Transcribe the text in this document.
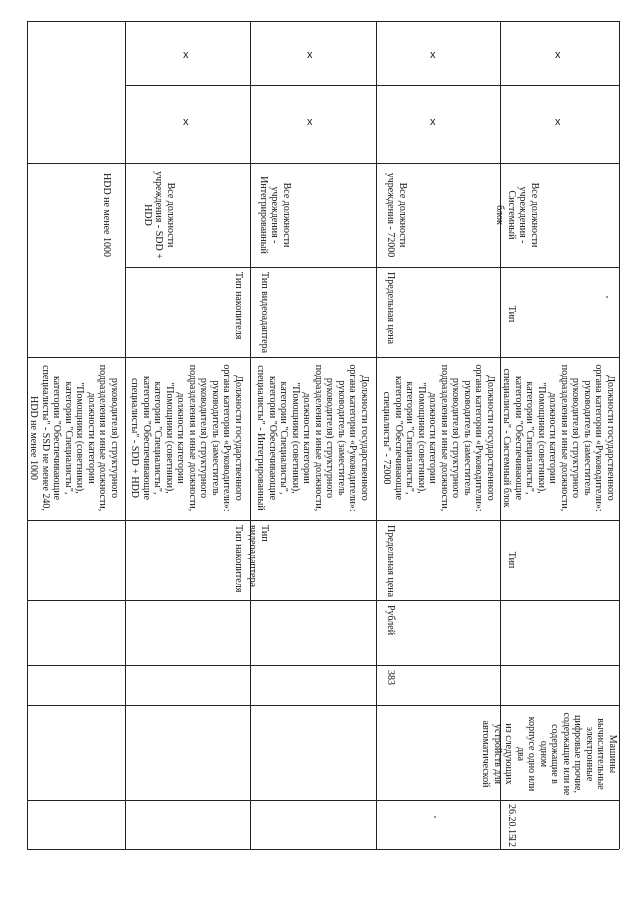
руководителя) структурного
подразделения и иные должности,
должности категории
"Помощники (советники),
категории "Специалисты",
категории "Обеспечивающие
специалисты" - SSD не менее 240,
HDD не менее 1000
HDD не менее 1000
Тип накопителя
Должности государственного
органа категории «Руководители»:
руководитель (заместитель
руководителя) структурного
подразделения и иные должности,
должности категории
"Помощники (советники),
категории "Специалисты",
категории "Обеспечивающие
специалисты" - SDD + HDD
Тип накопителя
Все должности
учреждения - SDD +
HDD
х
х
Тип видеоадаптера
Должности государственного
органа категории «Руководители»:
руководитель (заместитель
руководителя) структурного
подразделения и иные должности,
должности категории
"Помощники (советники),
категории "Специалисты",
категории "Обеспечивающие
специалисты" - Интегрированный
Тип видеоадаптера
Все должности
учреждения -
Интегрированный
х
х
383
Рублей
Предельная цена
Должности государственного
органа категории «Руководители»:
руководитель (заместитель
руководителя) структурного
подразделения и иные должности,
должности категории
"Помощники (советники),
категории "Специалисты",
категории "Обеспечивающие
специалисты" - 72000
Предельная цена
Все должности
учреждения - 72000
х
х
12
26.20.15
Машины
вычислительные
электронные
цифровые прочие,
содержащие или не
содержащие в одном
корпусе одно или два
из следующих
устройств для
автоматической
Тип
Должности государственного
органа категории «Руководители»:
руководитель (заместитель
руководителя) структурного
подразделения и иные должности,
должности категории
"Помощники (советники),
категории "Специалисты",
категории "Обеспечивающие
специалисты" - Системный блок
Тип
Все должности
учреждения - Системный
блок
х
х
